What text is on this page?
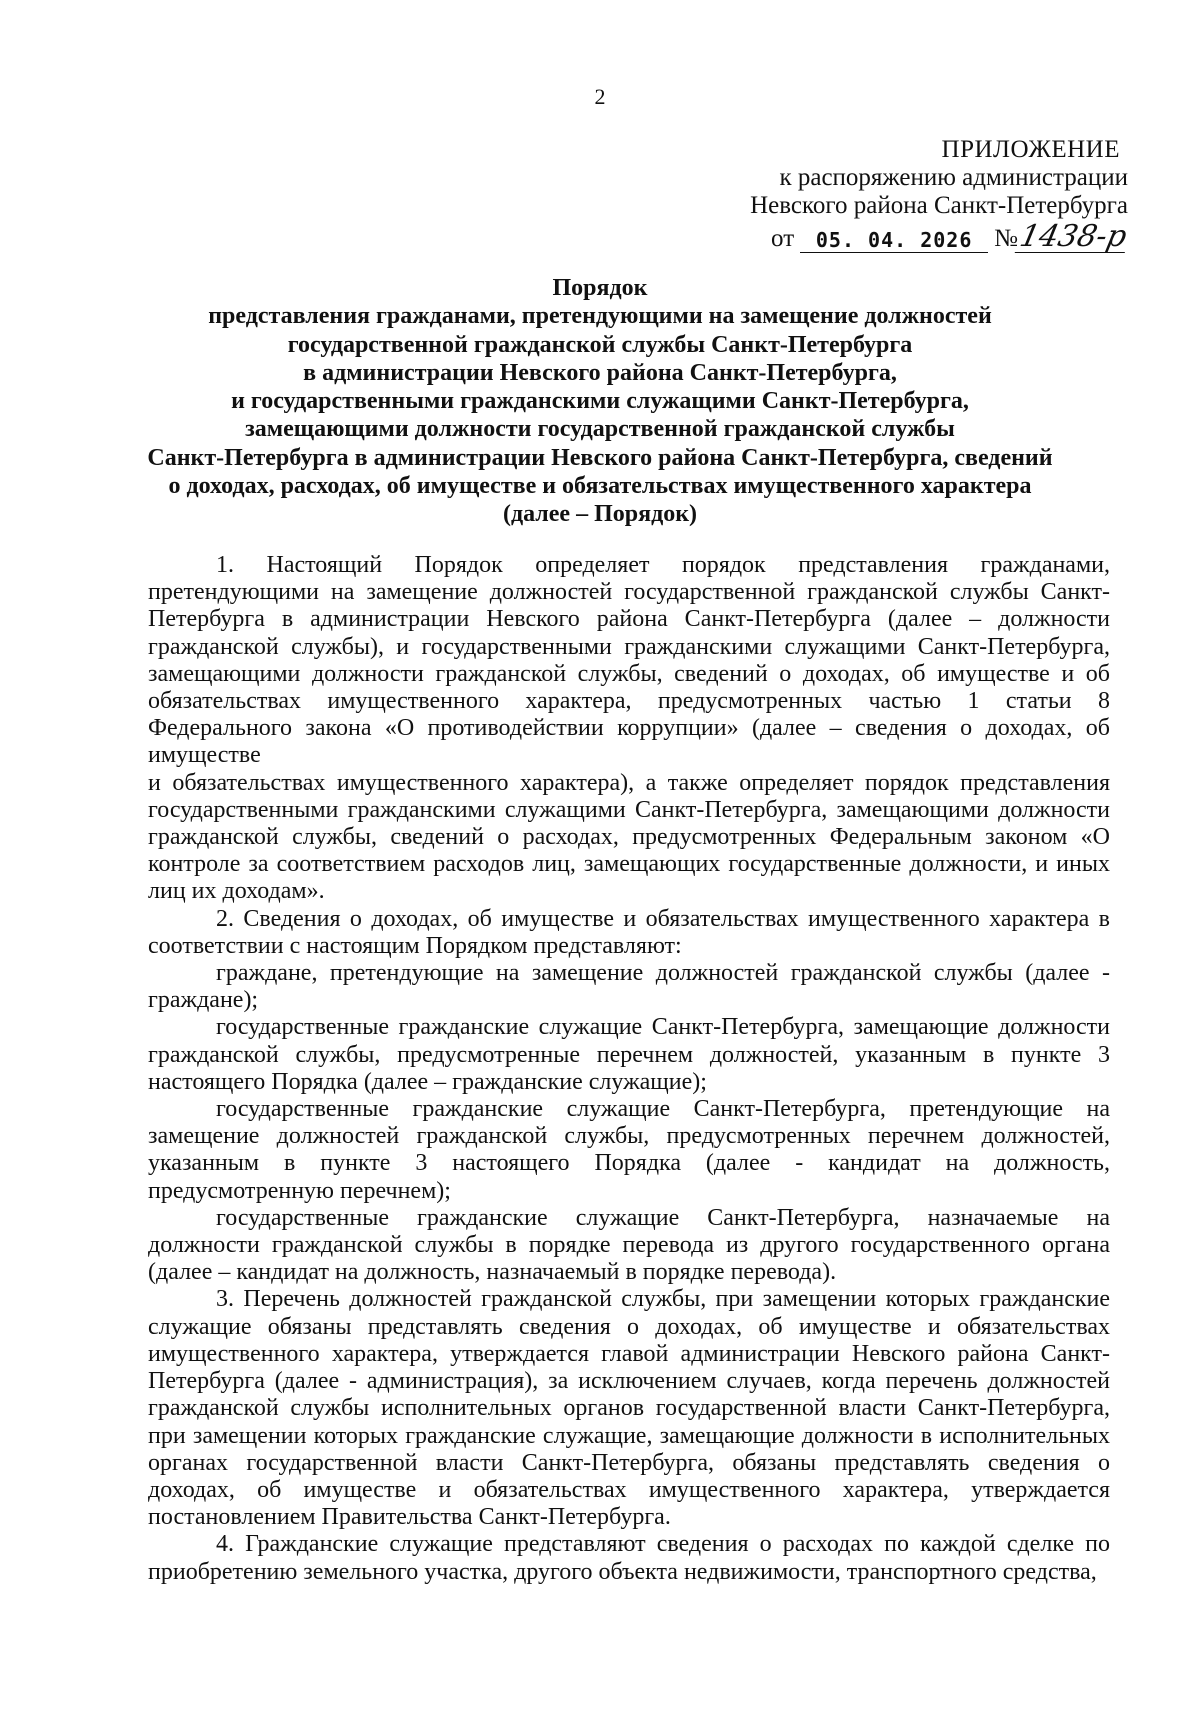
2
ПРИЛОЖЕНИЕ
к распоряжению администрации
Невского района Санкт-Петербурга
от	05. 04. 2026 №
1438-р
Порядок
представления гражданами, претендующими на замещение должностей
государственной гражданской службы Санкт-Петербурга
в администрации Невского района Санкт-Петербурга,
и государственными гражданскими служащими Санкт-Петербурга,
замещающими должности государственной гражданской службы
Санкт-Петербурга в администрации Невского района Санкт-Петербурга, сведений
о доходах, расходах, об имуществе и обязательствах имущественного характера
(далее – Порядок)

1. Настоящий Порядок определяет порядок представления гражданами, претендующими на замещение должностей государственной гражданской службы Санкт-Петербурга в администрации Невского района Санкт-Петербурга (далее – должности гражданской службы), и государственными гражданскими служащими Санкт-Петербурга, замещающими должности гражданской службы, сведений о доходах, об имуществе и об обязательствах имущественного характера, предусмотренных частью 1 статьи 8 Федерального закона «О противодействии коррупции» (далее – сведения о доходах, об имуществе

и обязательствах имущественного характера), а также определяет порядок представления государственными гражданскими служащими Санкт-Петербурга, замещающими должности гражданской службы, сведений о расходах, предусмотренных Федеральным законом «О контроле за соответствием расходов лиц, замещающих государственные должности, и иных лиц их доходам».

2. Сведения о доходах, об имуществе и обязательствах имущественного характера в соответствии с настоящим Порядком представляют:

граждане, претендующие на замещение должностей гражданской службы (далее - граждане);

государственные гражданские служащие Санкт-Петербурга, замещающие должности гражданской службы, предусмотренные перечнем должностей, указанным в пункте 3 настоящего Порядка (далее – гражданские служащие);

государственные гражданские служащие Санкт-Петербурга, претендующие на замещение должностей гражданской службы, предусмотренных перечнем должностей, указанным в пункте 3 настоящего Порядка (далее - кандидат на должность, предусмотренную перечнем);

государственные гражданские служащие Санкт-Петербурга, назначаемые на должности гражданской службы в порядке перевода из другого государственного органа (далее – кандидат на должность, назначаемый в порядке перевода).

3. Перечень должностей гражданской службы, при замещении которых гражданские служащие обязаны представлять сведения о доходах, об имуществе и обязательствах имущественного характера, утверждается главой администрации Невского района Санкт-Петербурга (далее - администрация), за исключением случаев, когда перечень должностей гражданской службы исполнительных органов государственной власти Санкт-Петербурга, при замещении которых гражданские служащие, замещающие должности в исполнительных органах государственной власти Санкт-Петербурга, обязаны представлять сведения о доходах, об имуществе и обязательствах имущественного характера, утверждается постановлением Правительства Санкт-Петербурга.

4. Гражданские служащие представляют сведения о расходах по каждой сделке по приобретению земельного участка, другого объекта недвижимости, транспортного средства,
